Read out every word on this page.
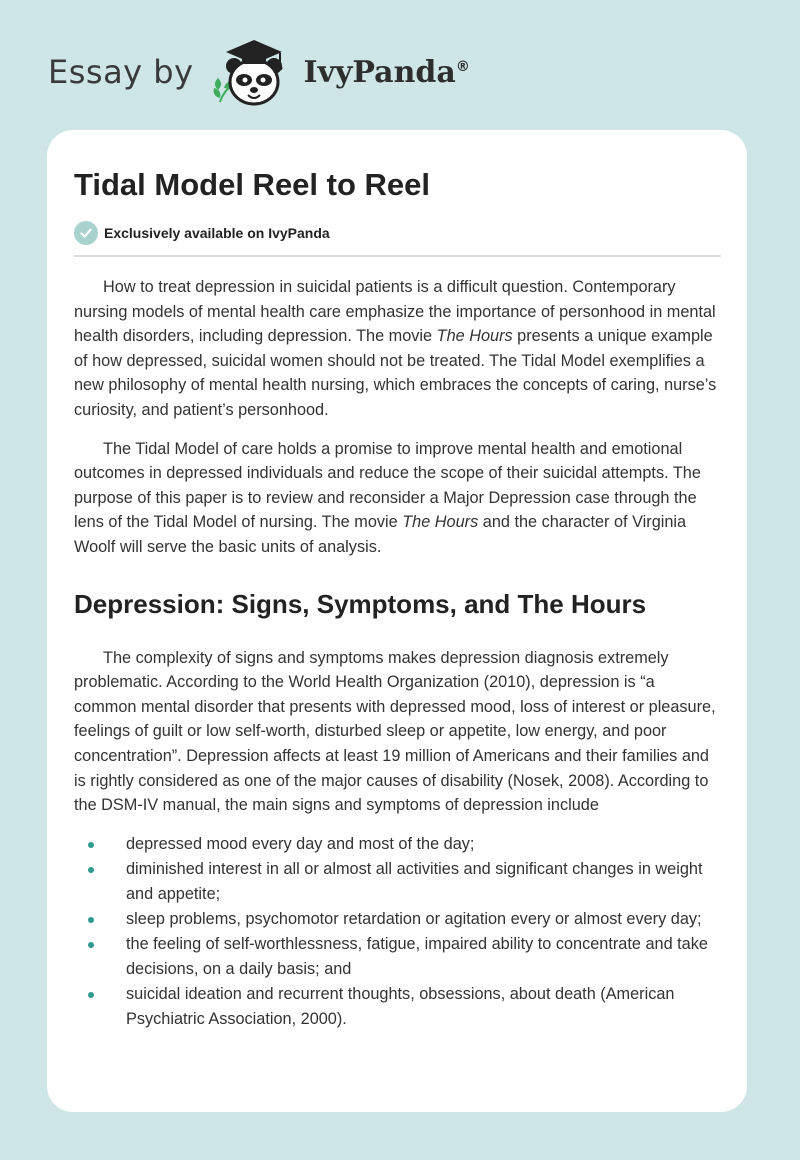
Essay by	IvyPanda®
Tidal Model Reel to Reel
Exclusively available on IvyPanda

How to treat depression in suicidal patients is a difficult question. Contemporary nursing models of mental health care emphasize the importance of personhood in mental health disorders, including depression. The movie The Hours presents a unique example of how depressed, suicidal women should not be treated. The Tidal Model exemplifies a new philosophy of mental health nursing, which embraces the concepts of caring, nurse’s curiosity, and patient’s personhood.

The Tidal Model of care holds a promise to improve mental health and emotional outcomes in depressed individuals and reduce the scope of their suicidal attempts. The purpose of this paper is to review and reconsider a Major Depression case through the lens of the Tidal Model of nursing. The movie The Hours and the character of Virginia Woolf will serve the basic units of analysis.

Depression: Signs, Symptoms, and The Hours

The complexity of signs and symptoms makes depression diagnosis extremely problematic. According to the World Health Organization (2010), depression is “a common mental disorder that presents with depressed mood, loss of interest or pleasure, feelings of guilt or low self-worth, disturbed sleep or appetite, low energy, and poor concentration”. Depression affects at least 19 million of Americans and their families and is rightly considered as one of the major causes of disability (Nosek, 2008). According to the DSM-IV manual, the main signs and symptoms of depression include

depressed mood every day and most of the day;
diminished interest in all or almost all activities and significant changes in weight and appetite;
sleep problems, psychomotor retardation or agitation every or almost every day;
the feeling of self-worthlessness, fatigue, impaired ability to concentrate and take decisions, on a daily basis; and
suicidal ideation and recurrent thoughts, obsessions, about death (American Psychiatric Association, 2000).
